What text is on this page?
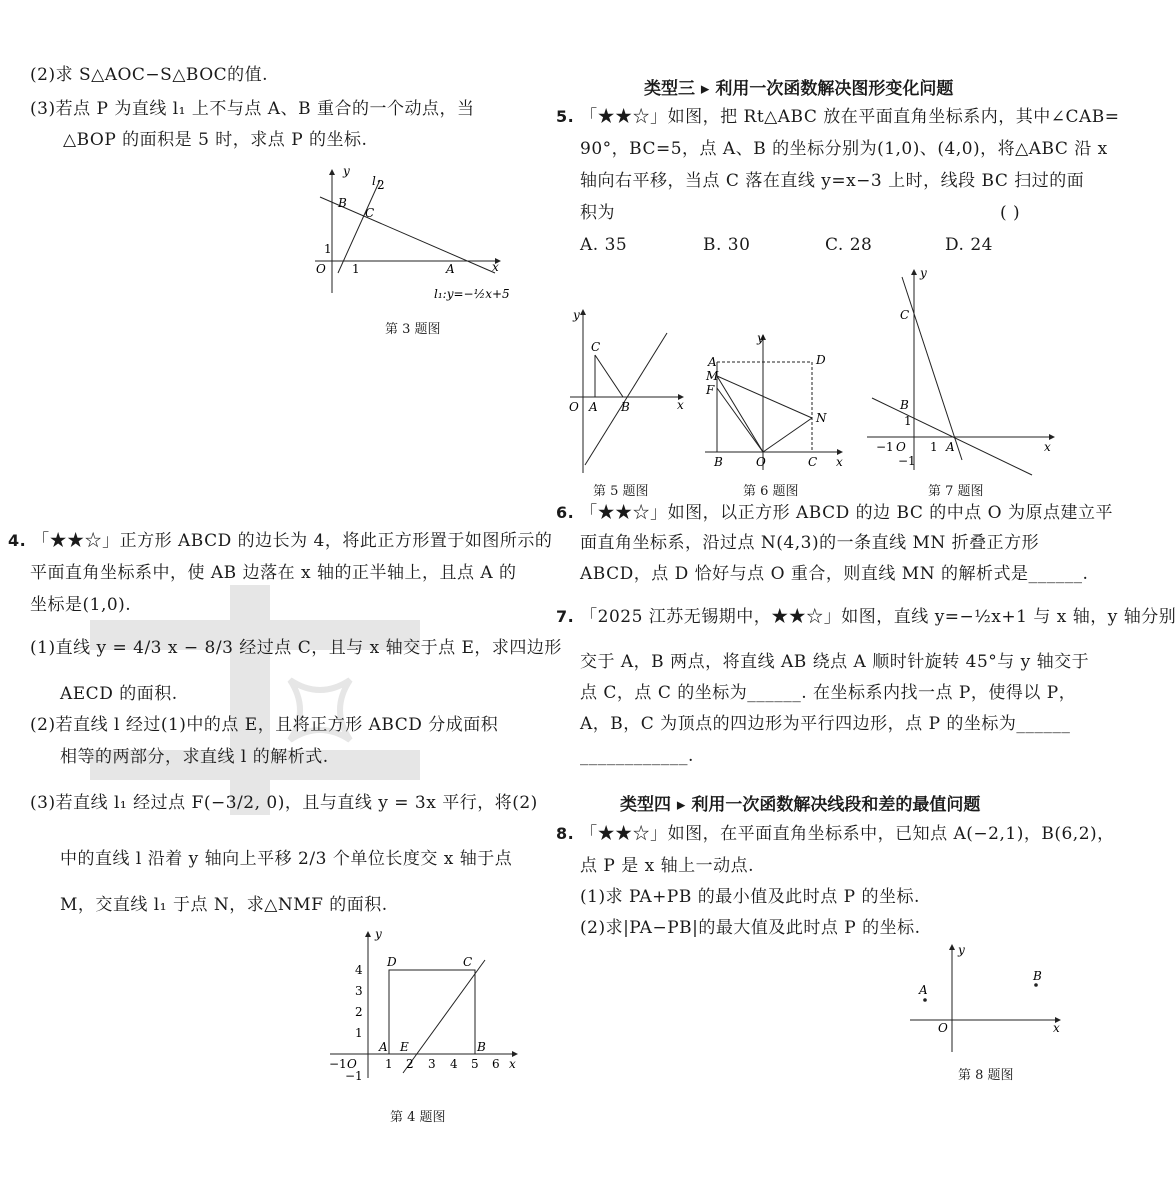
(2)求 S△AOC−S△BOC的值.
(3)若点 P 为直线 l₁ 上不与点 A、B 重合的一个动点，当
△BOP 的面积是 5 时，求点 P 的坐标.
y
l 2
B
C
1
O 1	A	x
l₁:y=−½x+5
第 3 题图
4. 「★★☆」正方形 ABCD 的边长为 4，将此正方形置于如图所示的
平面直角坐标系中，使 AB 边落在 x 轴的正半轴上，且点 A 的
坐标是(1,0).
(1)直线 y = 4/3 x − 8/3 经过点 C，且与 x 轴交于点 E，求四边形
AECD 的面积.
(2)若直线 l 经过(1)中的点 E，且将正方形 ABCD 分成面积
相等的两部分，求直线 l 的解析式.
(3)若直线 l₁ 经过点 F(−3/2, 0)，且与直线 y = 3x 平行，将(2)
中的直线 l 沿着 y 轴向上平移 2/3 个单位长度交 x 轴于点
M，交直线 l₁ 于点 N，求△NMF 的面积.
y
D	C
A E	B
4
3
2
1
−1 O 1 2 3 4 5 6 x
−1
第 4 题图
类型三 ▸ 利用一次函数解决图形变化问题
5. 「★★☆」如图，把 Rt△ABC 放在平面直角坐标系内，其中∠CAB=
90°，BC=5，点 A、B 的坐标分别为(1,0)、(4,0)，将△ABC 沿 x
轴向右平移，当点 C 落在直线 y=x−3 上时，线段 BC 扫过的面
积为	( )
A. 35	B. 30	C. 28	D. 24
y
C
O A B	x
第 5 题图
y
A	D
M
F
N
B	O	C x
第 6 题图
y
C
B
1
−1 O 1 A	x
−1
第 7 题图
6. 「★★☆」如图，以正方形 ABCD 的边 BC 的中点 O 为原点建立平
面直角坐标系，沿过点 N(4,3)的一条直线 MN 折叠正方形
ABCD，点 D 恰好与点 O 重合，则直线 MN 的解析式是______.
7. 「2025 江苏无锡期中，★★☆」如图，直线 y=−½x+1 与 x 轴，y 轴分别
交于 A，B 两点，将直线 AB 绕点 A 顺时针旋转 45°与 y 轴交于
点 C，点 C 的坐标为______. 在坐标系内找一点 P，使得以 P，
A，B，C 为顶点的四边形为平行四边形，点 P 的坐标为______
____________.
类型四 ▸ 利用一次函数解决线段和差的最值问题
8. 「★★☆」如图，在平面直角坐标系中，已知点 A(−2,1)，B(6,2)，
点 P 是 x 轴上一动点.
(1)求 PA+PB 的最小值及此时点 P 的坐标.
(2)求|PA−PB|的最大值及此时点 P 的坐标.
y
A
B
O	x
第 8 题图
